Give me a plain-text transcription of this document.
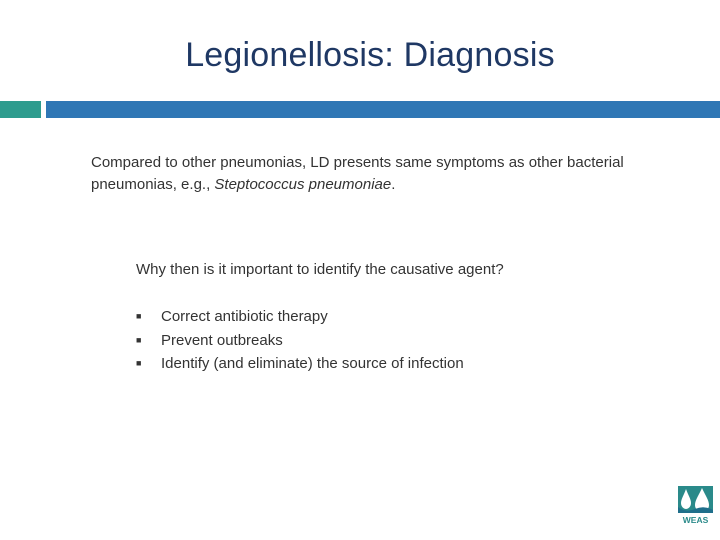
Legionellosis: Diagnosis

Compared to other pneumonias, LD presents same symptoms as other bacterial pneumonias, e.g., Steptococcus pneumoniae.

Why then is it important to identify the causative agent?

■	Correct antibiotic therapy
■	Prevent outbreaks
■	Identify (and eliminate) the source of infection
WEAS
